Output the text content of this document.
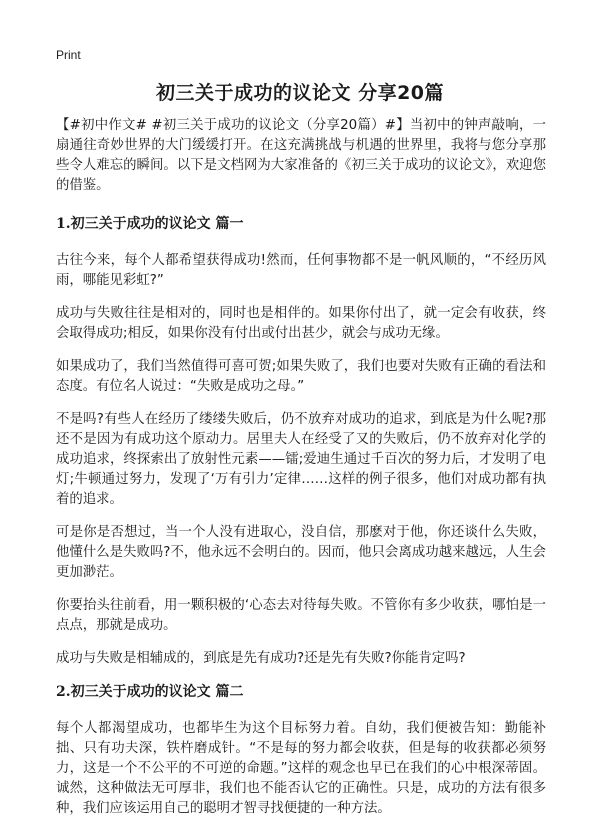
Print
初三关于成功的议论文 分享20篇

【#初中作文# #初三关于成功的议论文（分享20篇）#】当初中的钟声敲响，一扇通往奇妙世界的大门缓缓打开。在这充满挑战与机遇的世界里，我将与您分享那些令人难忘的瞬间。以下是文档网为大家准备的《初三关于成功的议论文》，欢迎您的借鉴。

1.初三关于成功的议论文 篇一

古往今来，每个人都希望获得成功!然而，任何事物都不是一帆风顺的，“不经历风雨，哪能见彩虹?”

成功与失败往往是相对的，同时也是相伴的。如果你付出了，就一定会有收获，终会取得成功;相反，如果你没有付出或付出甚少，就会与成功无缘。

如果成功了，我们当然值得可喜可贺;如果失败了，我们也要对失败有正确的看法和态度。有位名人说过：“失败是成功之母。”

不是吗?有些人在经历了缕缕失败后，仍不放弃对成功的追求，到底是为什么呢?那还不是因为有成功这个原动力。居里夫人在经受了又的失败后，仍不放弃对化学的成功追求，终探索出了放射性元素——镭;爱迪生通过千百次的努力后，才发明了电灯;牛顿通过努力，发现了‘万有引力’定律……这样的例子很多，他们对成功都有执着的追求。

可是你是否想过，当一个人没有进取心，没自信，那麽对于他，你还谈什么失败，他懂什么是失败吗?不，他永远不会明白的。因而，他只会离成功越来越远，人生会更加渺茫。

你要抬头往前看，用一颗积极的‘心态去对待每失败。不管你有多少收获，哪怕是一点点，那就是成功。

成功与失败是相辅成的，到底是先有成功?还是先有失败?你能肯定吗?

2.初三关于成功的议论文 篇二

每个人都渴望成功，也都毕生为这个目标努力着。自幼，我们便被告知：勤能补拙、只有功夫深，铁杵磨成针。“不是每的努力都会收获，但是每的收获都必须努力，这是一个不公平的不可逆的命题。”这样的观念也早已在我们的心中根深蒂固。诚然，这种做法无可厚非，我们也不能否认它的正确性。只是，成功的方法有很多种，我们应该运用自己的聪明才智寻找便捷的一种方法。
